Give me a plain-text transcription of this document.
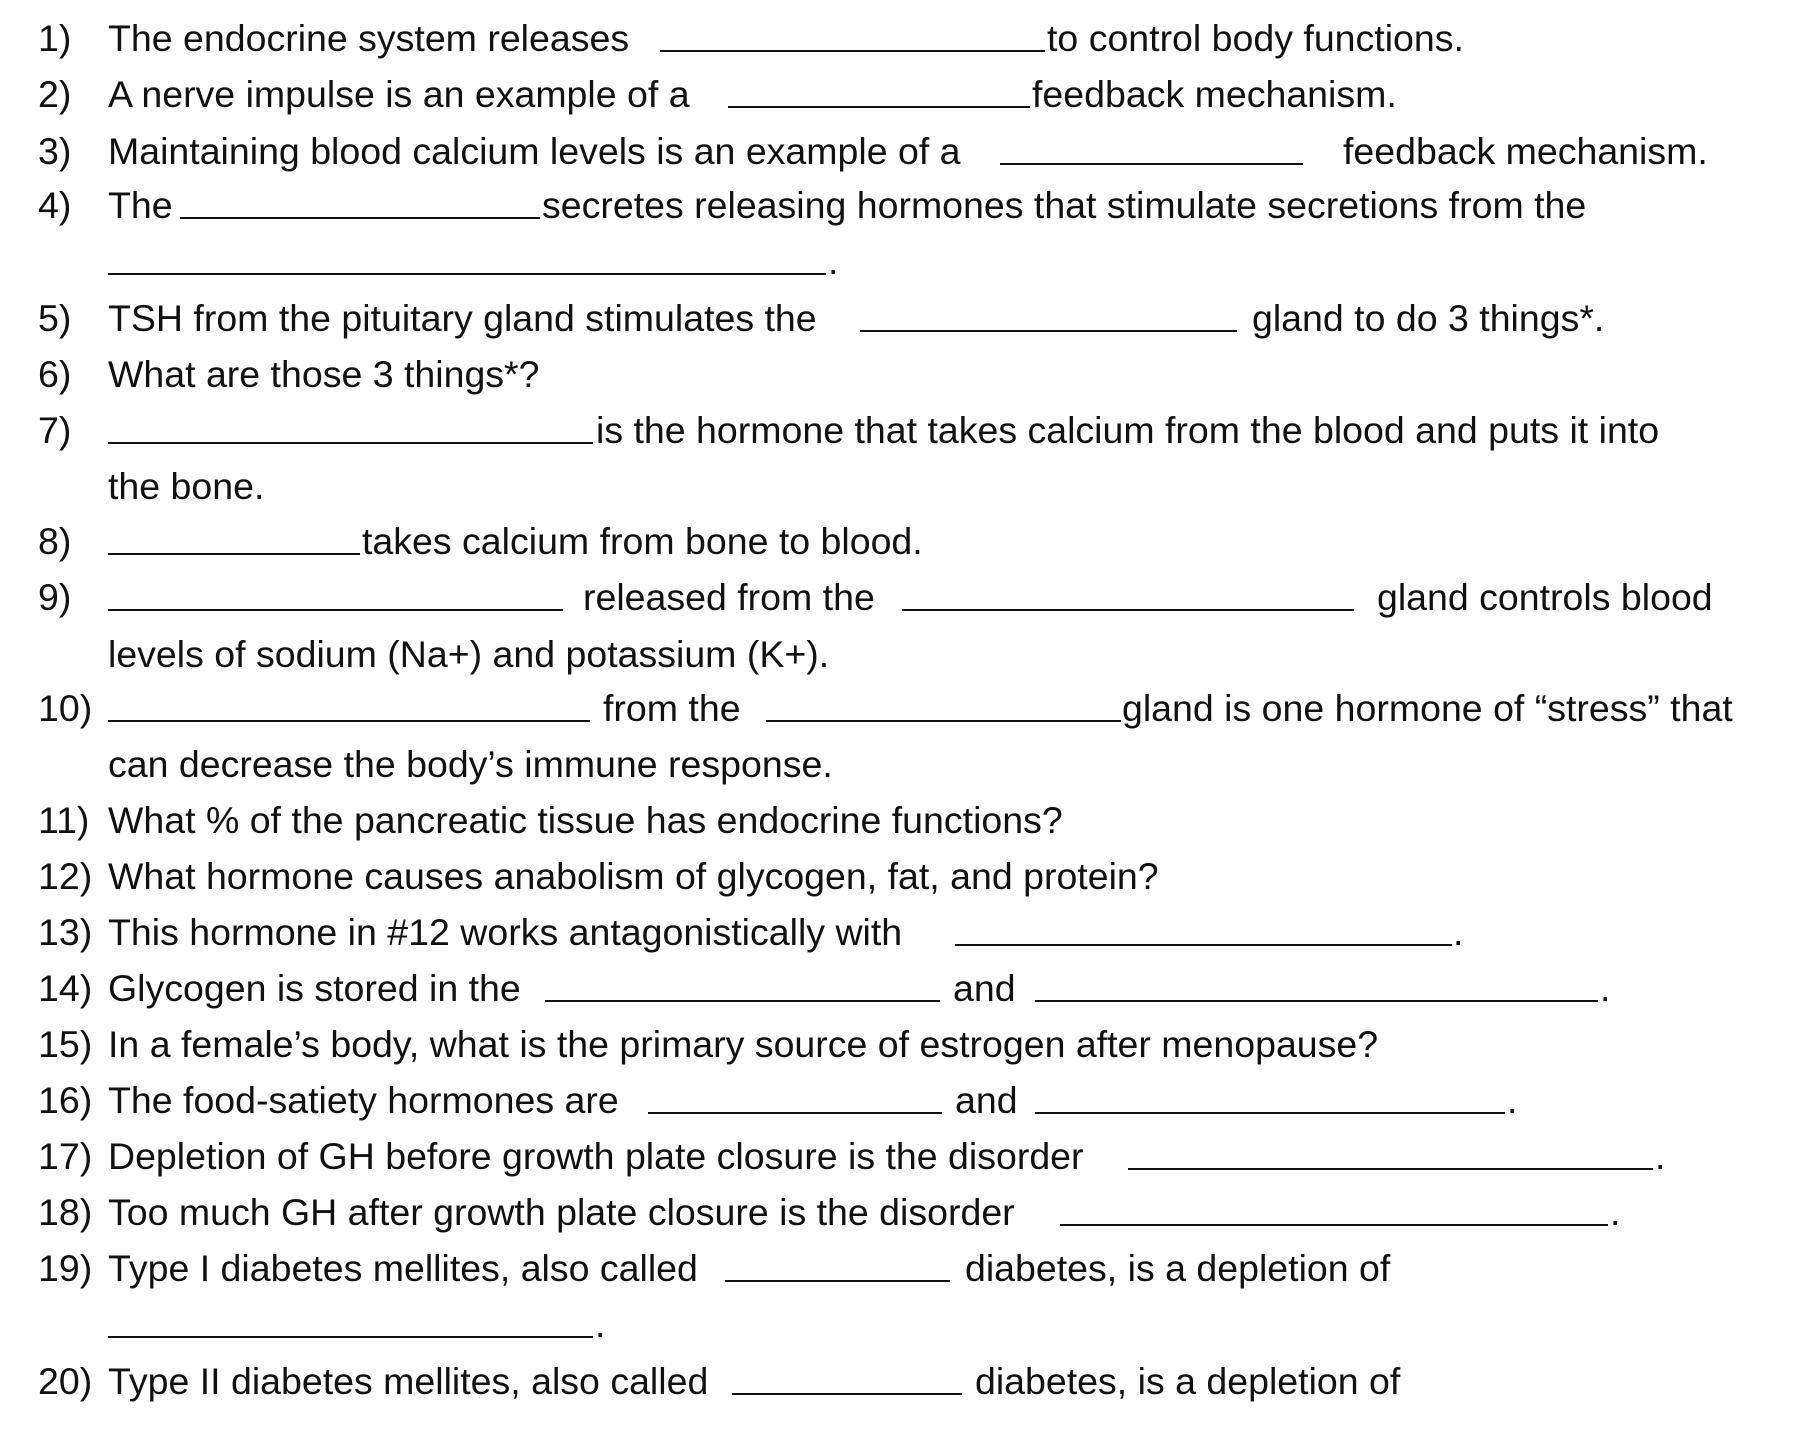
1) The endocrine system releases	to control body functions.
2) A nerve impulse is an example of a	feedback mechanism.
3) Maintaining blood calcium levels is an example of a	feedback mechanism.
4) The	secretes releasing hormones that stimulate secretions from the
.
5) TSH from the pituitary gland stimulates the	gland to do 3 things*.
6) What are those 3 things*?
7)	is the hormone that takes calcium from the blood and puts it into
the bone.
8)	takes calcium from bone to blood.
9)	released from the	gland controls blood
levels of sodium (Na+) and potassium (K+).
10)	from the	gland is one hormone of “stress” that
can decrease the body’s immune response.
11) What % of the pancreatic tissue has endocrine functions?
12) What hormone causes anabolism of glycogen, fat, and protein?
13) This hormone in #12 works antagonistically with	.
14) Glycogen is stored in the	and	.
15) In a female’s body, what is the primary source of estrogen after menopause?
16) The food-satiety hormones are	and	.
17) Depletion of GH before growth plate closure is the disorder	.
18) Too much GH after growth plate closure is the disorder	.
19) Type I diabetes mellites, also called	diabetes, is a depletion of
.
20) Type II diabetes mellites, also called	diabetes, is a depletion of
